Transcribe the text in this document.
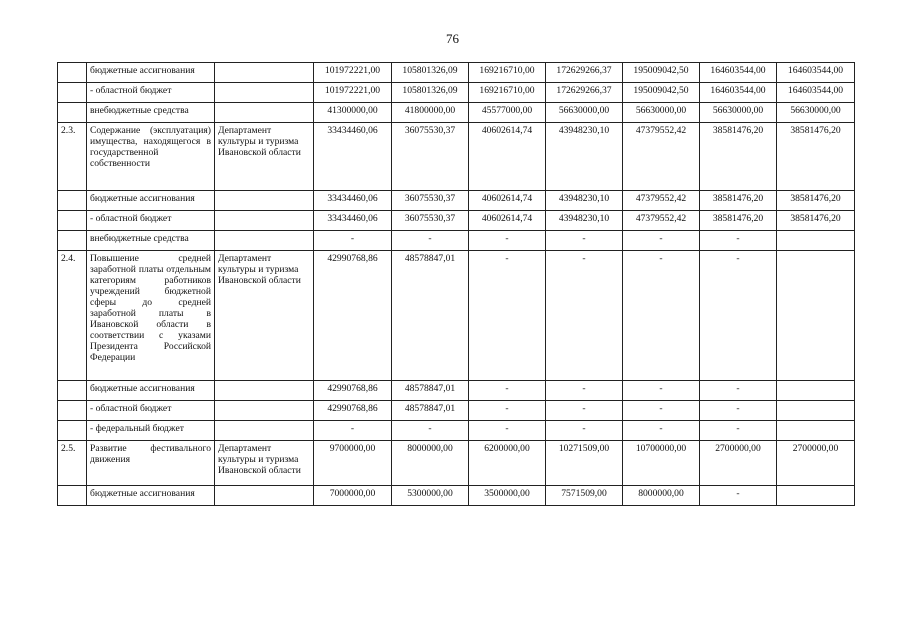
76
	бюджетные ассигнования		101972221,00	105801326,09	169216710,00	172629266,37	195009042,50	164603544,00	164603544,00
	- областной бюджет		101972221,00	105801326,09	169216710,00	172629266,37	195009042,50	164603544,00	164603544,00
	внебюджетные средства		41300000,00	41800000,00	45577000,00	56630000,00	56630000,00	56630000,00	56630000,00
2.3.	Содержание (эксплуатация) имущества, находящегося в государственной собственности	Департамент культуры и туризма Ивановской области	33434460,06	36075530,37	40602614,74	43948230,10	47379552,42	38581476,20	38581476,20
	бюджетные ассигнования		33434460,06	36075530,37	40602614,74	43948230,10	47379552,42	38581476,20	38581476,20
	- областной бюджет		33434460,06	36075530,37	40602614,74	43948230,10	47379552,42	38581476,20	38581476,20
	внебюджетные средства		-	-	-	-	-	-	
2.4.	Повышение средней заработной платы отдельным категориям работников учреждений бюджетной сферы до средней заработной платы в Ивановской области в соответствии с указами Президента Российской Федерации	Департамент культуры и туризма Ивановской области	42990768,86	48578847,01	-	-	-	-	
	бюджетные ассигнования		42990768,86	48578847,01	-	-	-	-	
	- областной бюджет		42990768,86	48578847,01	-	-	-	-	
	- федеральный бюджет		-	-	-	-	-	-	
2.5.	Развитие фестивального движения	Департамент культуры и туризма Ивановской области	9700000,00	8000000,00	6200000,00	10271509,00	10700000,00	2700000,00	2700000,00
	бюджетные ассигнования		7000000,00	5300000,00	3500000,00	7571509,00	8000000,00	-	
